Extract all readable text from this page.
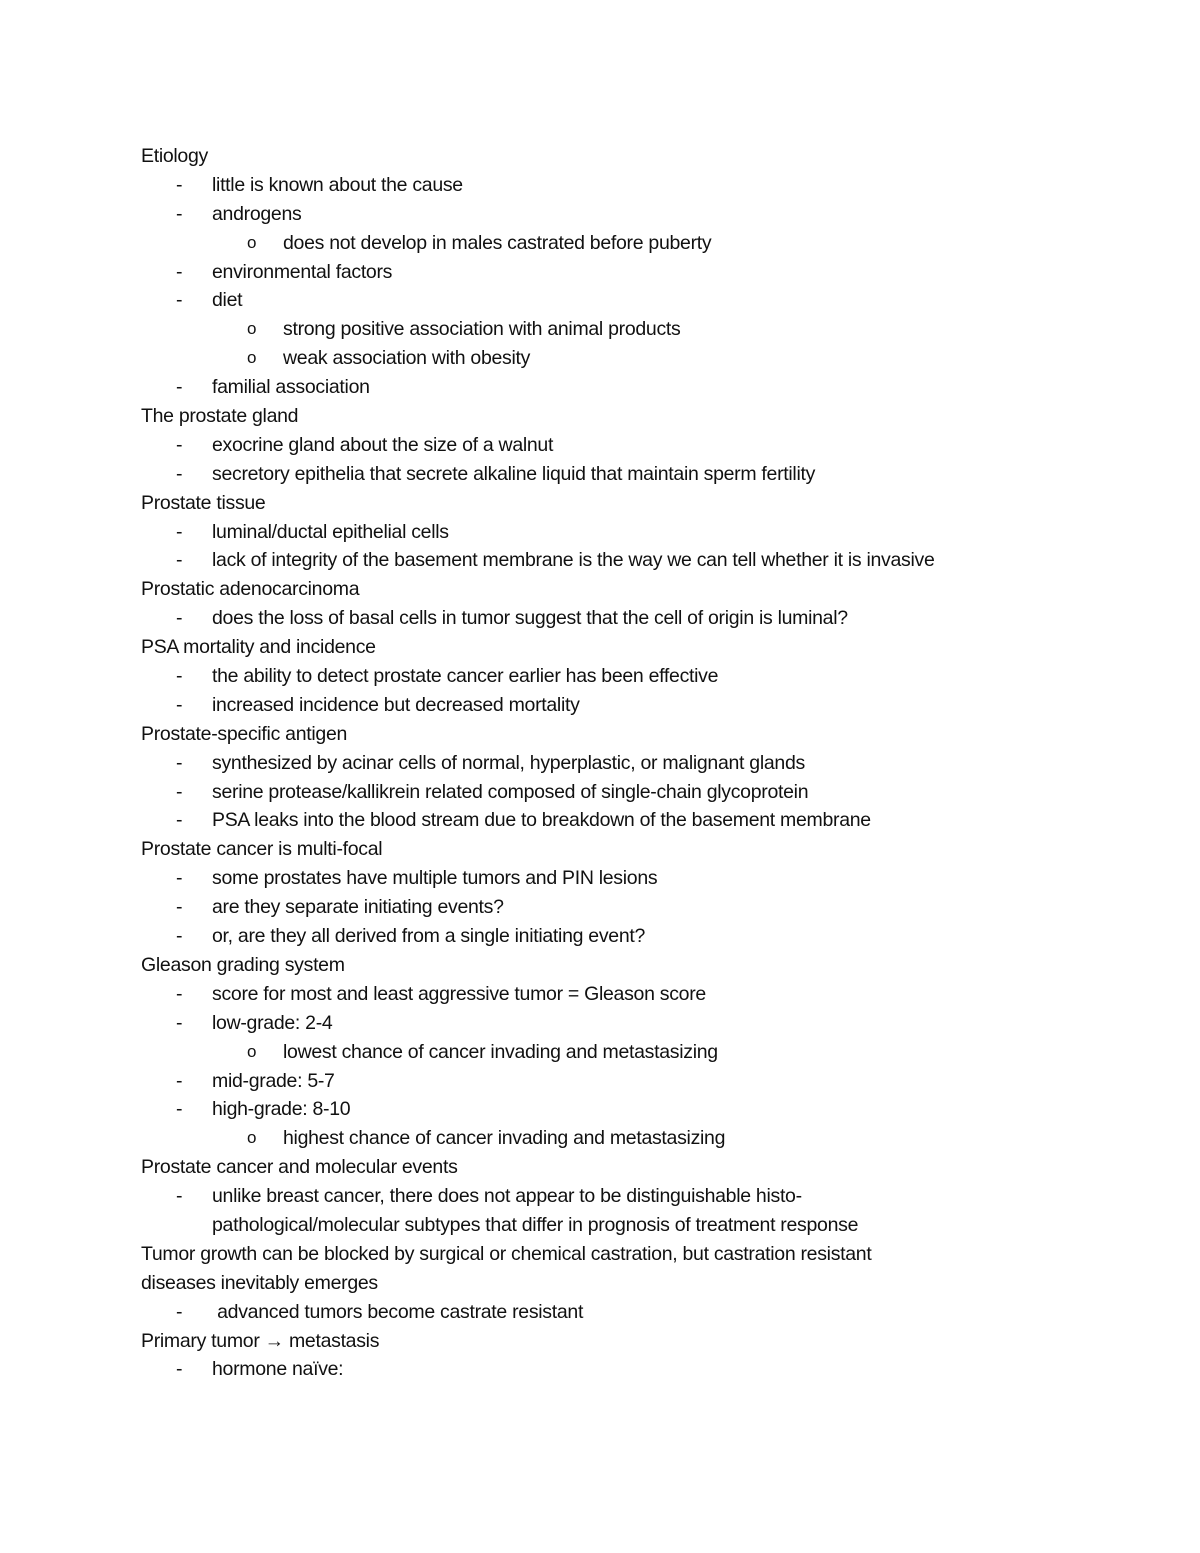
Etiology
- little is known about the cause
- androgens
o does not develop in males castrated before puberty
- environmental factors
- diet
o strong positive association with animal products
o weak association with obesity
- familial association
The prostate gland
- exocrine gland about the size of a walnut
- secretory epithelia that secrete alkaline liquid that maintain sperm fertility
Prostate tissue
- luminal/ductal epithelial cells
- lack of integrity of the basement membrane is the way we can tell whether it is invasive
Prostatic adenocarcinoma
- does the loss of basal cells in tumor suggest that the cell of origin is luminal?
PSA mortality and incidence
- the ability to detect prostate cancer earlier has been effective
- increased incidence but decreased mortality
Prostate-specific antigen
- synthesized by acinar cells of normal, hyperplastic, or malignant glands
- serine protease/kallikrein related composed of single-chain glycoprotein
- PSA leaks into the blood stream due to breakdown of the basement membrane
Prostate cancer is multi-focal
- some prostates have multiple tumors and PIN lesions
- are they separate initiating events?
- or, are they all derived from a single initiating event?
Gleason grading system
- score for most and least aggressive tumor = Gleason score
- low-grade: 2-4
o lowest chance of cancer invading and metastasizing
- mid-grade: 5-7
- high-grade: 8-10
o highest chance of cancer invading and metastasizing
Prostate cancer and molecular events
- unlike breast cancer, there does not appear to be distinguishable histo-
pathological/molecular subtypes that differ in prognosis of treatment response
Tumor growth can be blocked by surgical or chemical castration, but castration resistant
diseases inevitably emerges
- advanced tumors become castrate resistant
Primary tumor → metastasis
- hormone naïve:
